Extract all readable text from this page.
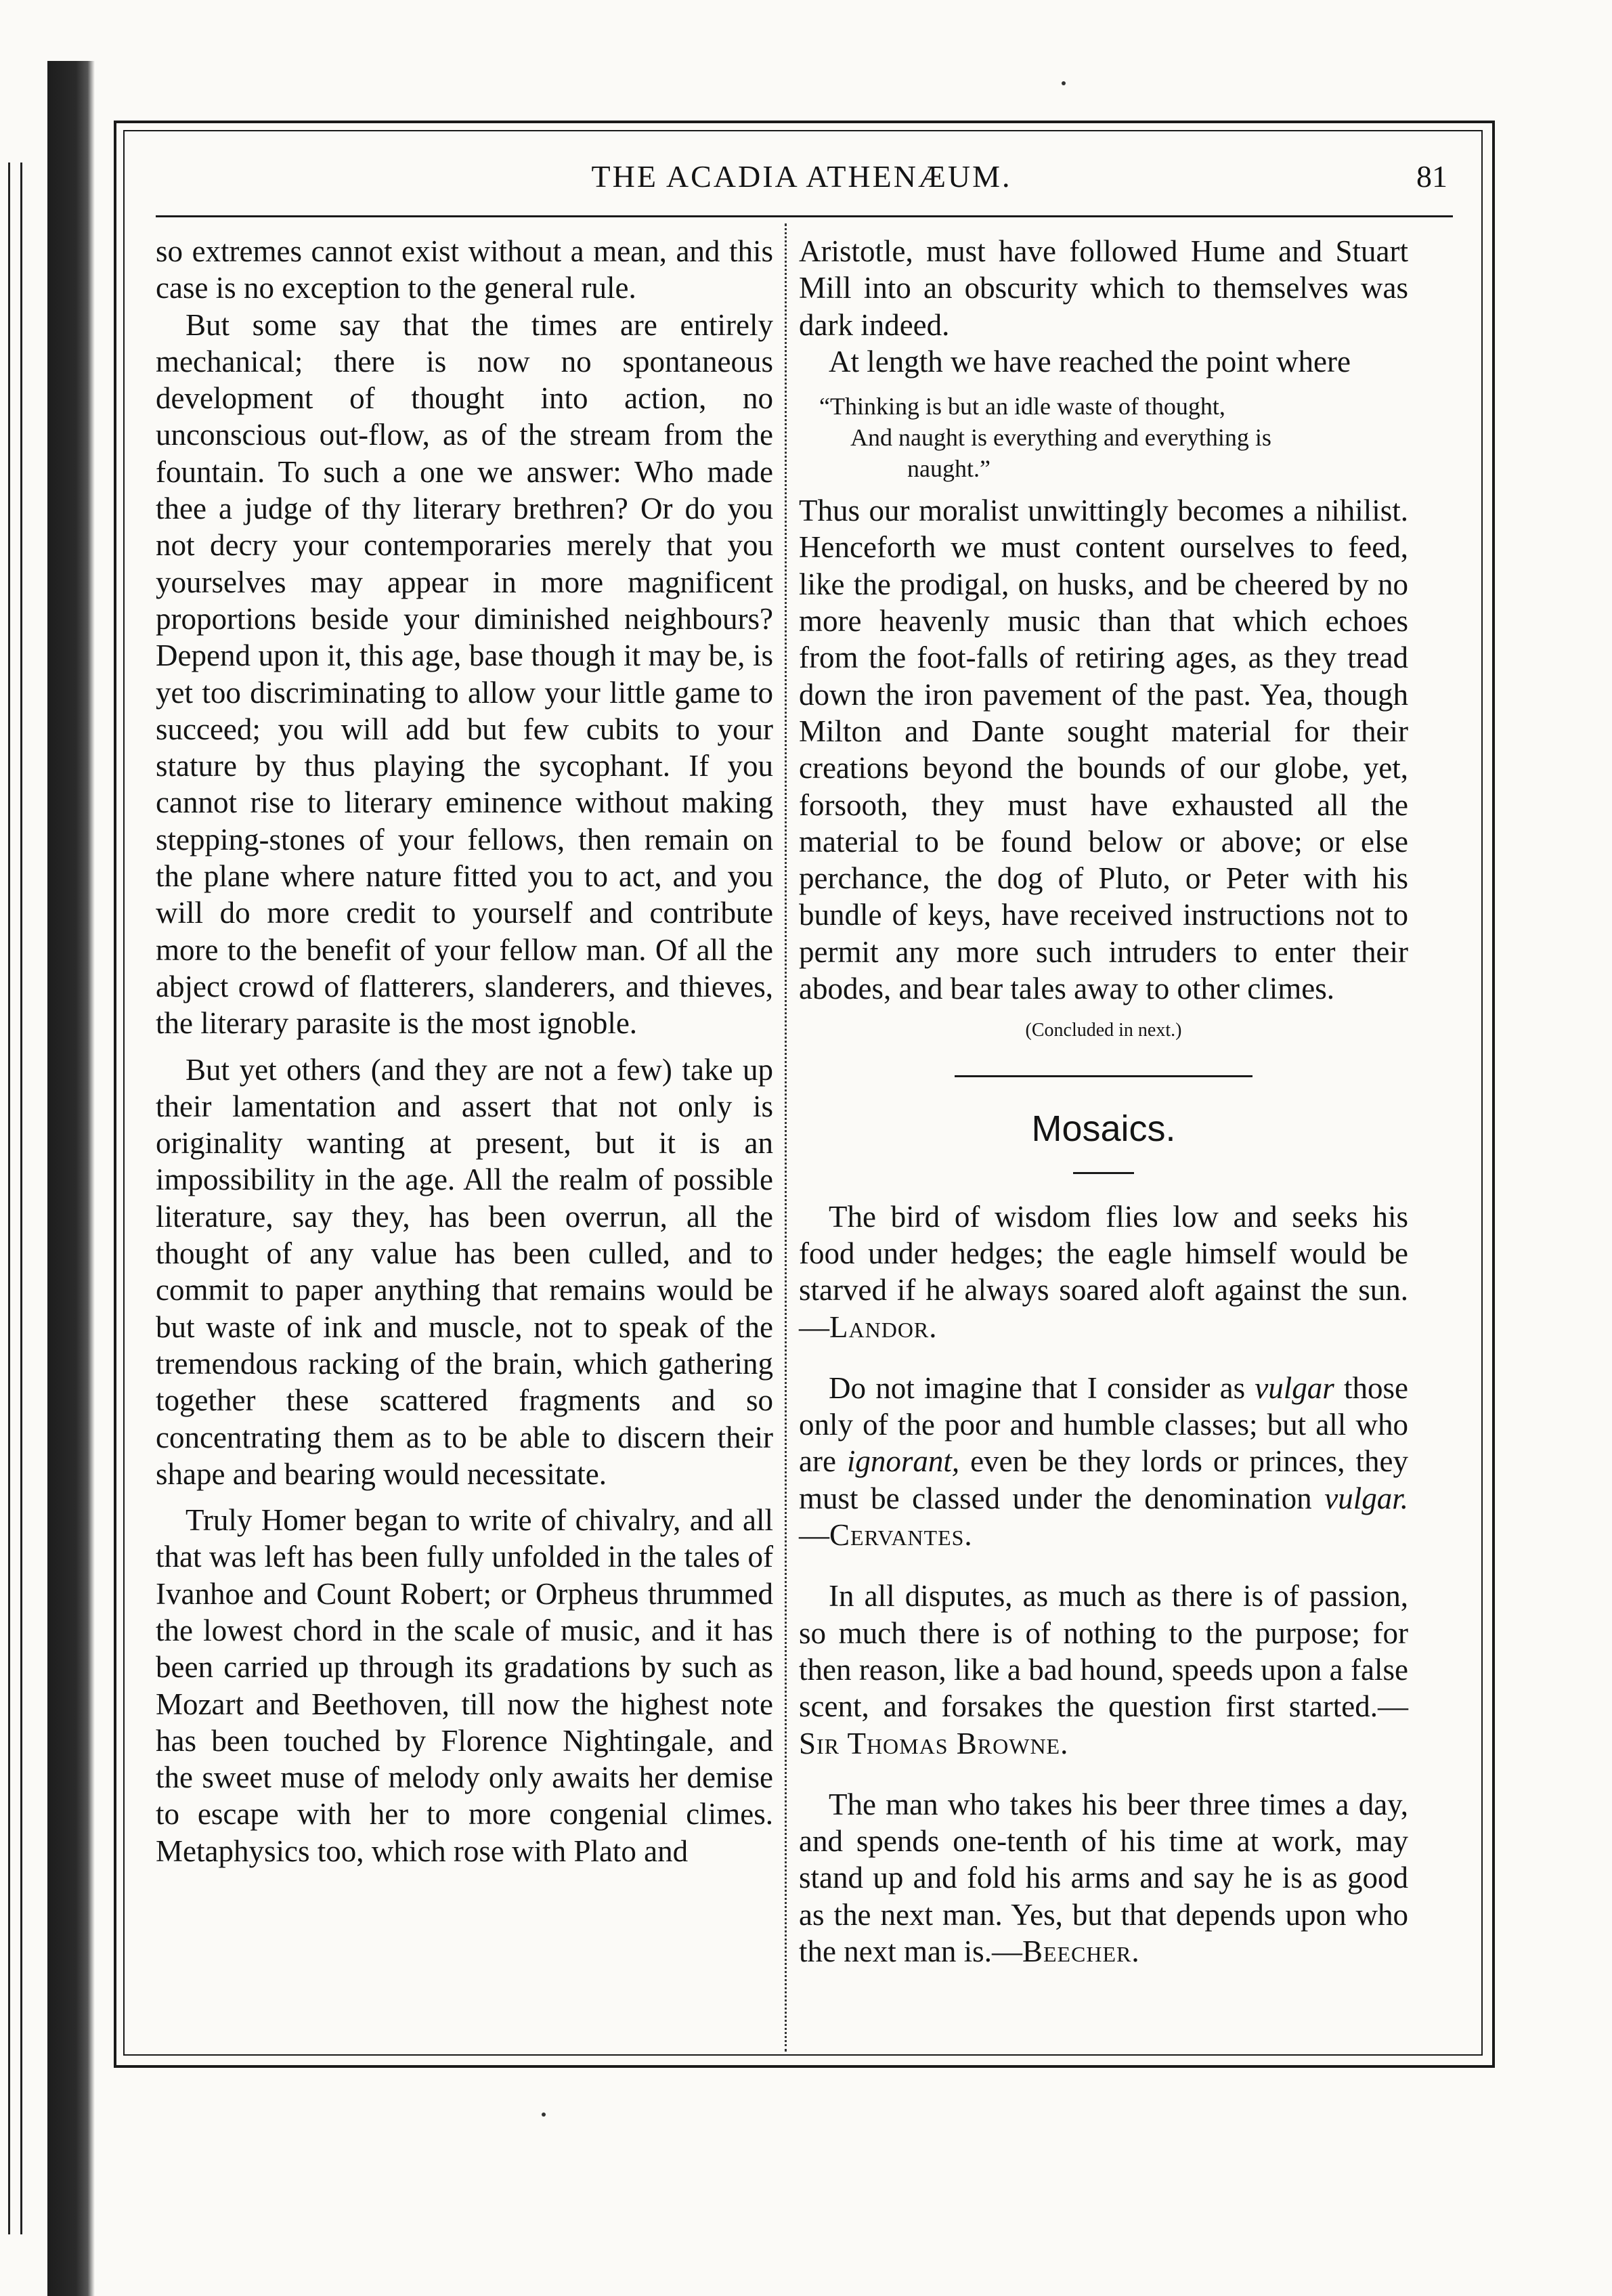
THE ACADIA ATHENÆUM.	81

so extremes cannot exist without a mean, and this case is no exception to the general rule.

But some say that the times are entirely mechanical; there is now no spontaneous development of thought into action, no unconscious out-flow, as of the stream from the fountain. To such a one we answer: Who made thee a judge of thy literary brethren? Or do you not decry your contemporaries merely that you yourselves may appear in more magnificent proportions beside your diminished neighbours? Depend upon it, this age, base though it may be, is yet too discriminating to allow your little game to succeed; you will add but few cubits to your stature by thus playing the sycophant. If you cannot rise to literary eminence without making stepping-stones of your fellows, then remain on the plane where nature fitted you to act, and you will do more credit to yourself and contribute more to the benefit of your fellow man. Of all the abject crowd of flatterers, slanderers, and thieves, the literary parasite is the most ignoble.

But yet others (and they are not a few) take up their lamentation and assert that not only is originality wanting at present, but it is an impossibility in the age. All the realm of possible literature, say they, has been overrun, all the thought of any value has been culled, and to commit to paper anything that remains would be but waste of ink and muscle, not to speak of the tremendous racking of the brain, which gathering together these scattered fragments and so concentrating them as to be able to discern their shape and bearing would necessitate.

Truly Homer began to write of chivalry, and all that was left has been fully unfolded in the tales of Ivanhoe and Count Robert; or Orpheus thrummed the lowest chord in the scale of music, and it has been carried up through its gradations by such as Mozart and Beethoven, till now the highest note has been touched by Florence Nightingale, and the sweet muse of melody only awaits her demise to escape with her to more congenial climes. Metaphysics too, which rose with Plato and

Aristotle, must have followed Hume and Stuart Mill into an obscurity which to themselves was dark indeed.

At length we have reached the point where

“Thinking is but an idle waste of thought,
And naught is everything and everything is
naught.”

Thus our moralist unwittingly becomes a nihilist. Henceforth we must content ourselves to feed, like the prodigal, on husks, and be cheered by no more heavenly music than that which echoes from the foot-falls of retiring ages, as they tread down the iron pavement of the past. Yea, though Milton and Dante sought material for their creations beyond the bounds of our globe, yet, forsooth, they must have exhausted all the material to be found below or above; or else perchance, the dog of Pluto, or Peter with his bundle of keys, have received instructions not to permit any more such intruders to enter their abodes, and bear tales away to other climes.

(Concluded in next.)

Mosaics.

The bird of wisdom flies low and seeks his food under hedges; the eagle himself would be starved if he always soared aloft against the sun.—Landor.

Do not imagine that I consider as vulgar those only of the poor and humble classes; but all who are ignorant, even be they lords or princes, they must be classed under the denomination vulgar.—Cervantes.

In all disputes, as much as there is of passion, so much there is of nothing to the purpose; for then reason, like a bad hound, speeds upon a false scent, and forsakes the question first started.—Sir Thomas Browne.

The man who takes his beer three times a day, and spends one-tenth of his time at work, may stand up and fold his arms and say he is as good as the next man. Yes, but that depends upon who the next man is.—Beecher.
